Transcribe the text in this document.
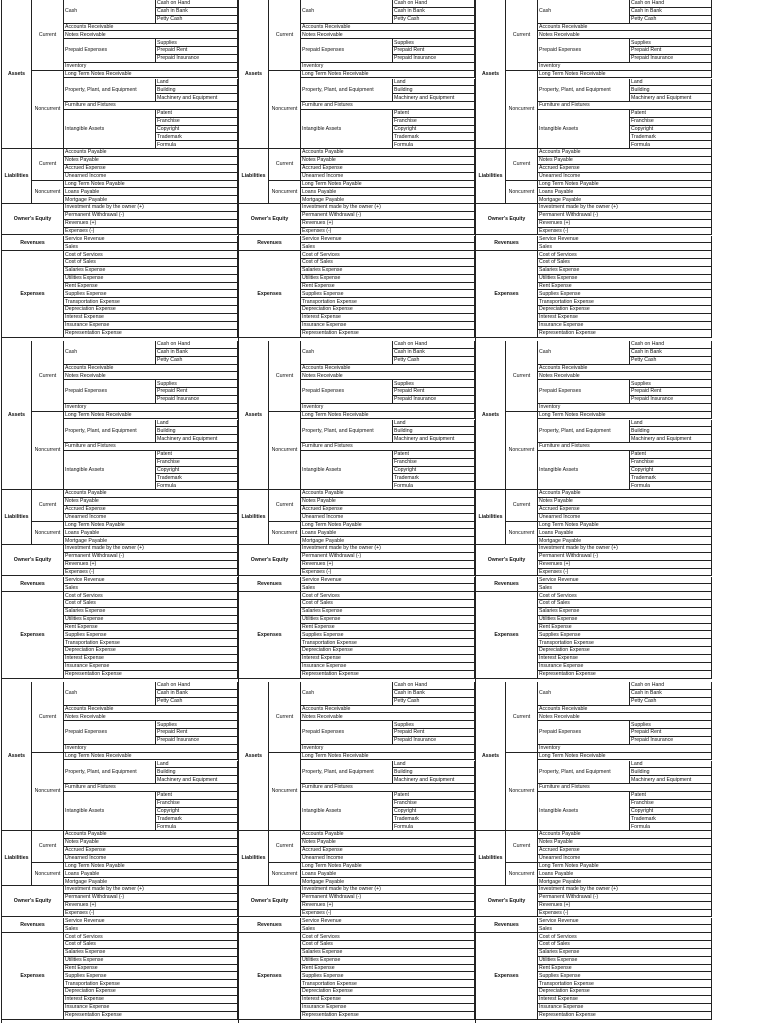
Cash
Cash on Hand
Cash in Bank
Petty Cash
Accounts Receivable
Notes Receivable
Prepaid Expenses
Supplies
Prepaid Rent
Prepaid Insurance
Inventory
Current
Long Term Notes Receivable
Property, Plant, and Equipment
Land
Building
Machinery and Equipment
Furniture and Fixtures
Intangible Assets
Patent
Franchise
Copyright
Trademark
Formula
Noncurrent
Assets
Accounts Payable
Notes Payable
Accrued Expense
Unearned Income
Current
Long Term Notes Payable
Loans Payable
Mortgage Payable
Noncurrent
Liabilities
Investment made by the owner (+)
Permanent Withdrawal (-)
Revenues (+)
Expenses (-)
Owner's Equity
Service Revenue
Sales
Revenues
Cost of Services
Cost of Sales
Salaries Expense
Utilities Expense
Rent Expense
Supplies Expense
Transportation Expense
Depreciation Expense
Interest Expense
Insurance Expense
Representation Expense
Expenses
Cash
Cash on Hand
Cash in Bank
Petty Cash
Accounts Receivable
Notes Receivable
Prepaid Expenses
Supplies
Prepaid Rent
Prepaid Insurance
Inventory
Current
Long Term Notes Receivable
Property, Plant, and Equipment
Land
Building
Machinery and Equipment
Furniture and Fixtures
Intangible Assets
Patent
Franchise
Copyright
Trademark
Formula
Noncurrent
Assets
Accounts Payable
Notes Payable
Accrued Expense
Unearned Income
Current
Long Term Notes Payable
Loans Payable
Mortgage Payable
Noncurrent
Liabilities
Investment made by the owner (+)
Permanent Withdrawal (-)
Revenues (+)
Expenses (-)
Owner's Equity
Service Revenue
Sales
Revenues
Cost of Services
Cost of Sales
Salaries Expense
Utilities Expense
Rent Expense
Supplies Expense
Transportation Expense
Depreciation Expense
Interest Expense
Insurance Expense
Representation Expense
Expenses
Cash
Cash on Hand
Cash in Bank
Petty Cash
Accounts Receivable
Notes Receivable
Prepaid Expenses
Supplies
Prepaid Rent
Prepaid Insurance
Inventory
Current
Long Term Notes Receivable
Property, Plant, and Equipment
Land
Building
Machinery and Equipment
Furniture and Fixtures
Intangible Assets
Patent
Franchise
Copyright
Trademark
Formula
Noncurrent
Assets
Accounts Payable
Notes Payable
Accrued Expense
Unearned Income
Current
Long Term Notes Payable
Loans Payable
Mortgage Payable
Noncurrent
Liabilities
Investment made by the owner (+)
Permanent Withdrawal (-)
Revenues (+)
Expenses (-)
Owner's Equity
Service Revenue
Sales
Revenues
Cost of Services
Cost of Sales
Salaries Expense
Utilities Expense
Rent Expense
Supplies Expense
Transportation Expense
Depreciation Expense
Interest Expense
Insurance Expense
Representation Expense
Expenses
Cash
Cash on Hand
Cash in Bank
Petty Cash
Accounts Receivable
Notes Receivable
Prepaid Expenses
Supplies
Prepaid Rent
Prepaid Insurance
Inventory
Current
Long Term Notes Receivable
Property, Plant, and Equipment
Land
Building
Machinery and Equipment
Furniture and Fixtures
Intangible Assets
Patent
Franchise
Copyright
Trademark
Formula
Noncurrent
Assets
Accounts Payable
Notes Payable
Accrued Expense
Unearned Income
Current
Long Term Notes Payable
Loans Payable
Mortgage Payable
Noncurrent
Liabilities
Investment made by the owner (+)
Permanent Withdrawal (-)
Revenues (+)
Expenses (-)
Owner's Equity
Service Revenue
Sales
Revenues
Cost of Services
Cost of Sales
Salaries Expense
Utilities Expense
Rent Expense
Supplies Expense
Transportation Expense
Depreciation Expense
Interest Expense
Insurance Expense
Representation Expense
Expenses
Cash
Cash on Hand
Cash in Bank
Petty Cash
Accounts Receivable
Notes Receivable
Prepaid Expenses
Supplies
Prepaid Rent
Prepaid Insurance
Inventory
Current
Long Term Notes Receivable
Property, Plant, and Equipment
Land
Building
Machinery and Equipment
Furniture and Fixtures
Intangible Assets
Patent
Franchise
Copyright
Trademark
Formula
Noncurrent
Assets
Accounts Payable
Notes Payable
Accrued Expense
Unearned Income
Current
Long Term Notes Payable
Loans Payable
Mortgage Payable
Noncurrent
Liabilities
Investment made by the owner (+)
Permanent Withdrawal (-)
Revenues (+)
Expenses (-)
Owner's Equity
Service Revenue
Sales
Revenues
Cost of Services
Cost of Sales
Salaries Expense
Utilities Expense
Rent Expense
Supplies Expense
Transportation Expense
Depreciation Expense
Interest Expense
Insurance Expense
Representation Expense
Expenses
Cash
Cash on Hand
Cash in Bank
Petty Cash
Accounts Receivable
Notes Receivable
Prepaid Expenses
Supplies
Prepaid Rent
Prepaid Insurance
Inventory
Current
Long Term Notes Receivable
Property, Plant, and Equipment
Land
Building
Machinery and Equipment
Furniture and Fixtures
Intangible Assets
Patent
Franchise
Copyright
Trademark
Formula
Noncurrent
Assets
Accounts Payable
Notes Payable
Accrued Expense
Unearned Income
Current
Long Term Notes Payable
Loans Payable
Mortgage Payable
Noncurrent
Liabilities
Investment made by the owner (+)
Permanent Withdrawal (-)
Revenues (+)
Expenses (-)
Owner's Equity
Service Revenue
Sales
Revenues
Cost of Services
Cost of Sales
Salaries Expense
Utilities Expense
Rent Expense
Supplies Expense
Transportation Expense
Depreciation Expense
Interest Expense
Insurance Expense
Representation Expense
Expenses
Cash
Cash on Hand
Cash in Bank
Petty Cash
Accounts Receivable
Notes Receivable
Prepaid Expenses
Supplies
Prepaid Rent
Prepaid Insurance
Inventory
Current
Long Term Notes Receivable
Property, Plant, and Equipment
Land
Building
Machinery and Equipment
Furniture and Fixtures
Intangible Assets
Patent
Franchise
Copyright
Trademark
Formula
Noncurrent
Assets
Accounts Payable
Notes Payable
Accrued Expense
Unearned Income
Current
Long Term Notes Payable
Loans Payable
Mortgage Payable
Noncurrent
Liabilities
Investment made by the owner (+)
Permanent Withdrawal (-)
Revenues (+)
Expenses (-)
Owner's Equity
Service Revenue
Sales
Revenues
Cost of Services
Cost of Sales
Salaries Expense
Utilities Expense
Rent Expense
Supplies Expense
Transportation Expense
Depreciation Expense
Interest Expense
Insurance Expense
Representation Expense
Expenses
Cash
Cash on Hand
Cash in Bank
Petty Cash
Accounts Receivable
Notes Receivable
Prepaid Expenses
Supplies
Prepaid Rent
Prepaid Insurance
Inventory
Current
Long Term Notes Receivable
Property, Plant, and Equipment
Land
Building
Machinery and Equipment
Furniture and Fixtures
Intangible Assets
Patent
Franchise
Copyright
Trademark
Formula
Noncurrent
Assets
Accounts Payable
Notes Payable
Accrued Expense
Unearned Income
Current
Long Term Notes Payable
Loans Payable
Mortgage Payable
Noncurrent
Liabilities
Investment made by the owner (+)
Permanent Withdrawal (-)
Revenues (+)
Expenses (-)
Owner's Equity
Service Revenue
Sales
Revenues
Cost of Services
Cost of Sales
Salaries Expense
Utilities Expense
Rent Expense
Supplies Expense
Transportation Expense
Depreciation Expense
Interest Expense
Insurance Expense
Representation Expense
Expenses
Cash
Cash on Hand
Cash in Bank
Petty Cash
Accounts Receivable
Notes Receivable
Prepaid Expenses
Supplies
Prepaid Rent
Prepaid Insurance
Inventory
Current
Long Term Notes Receivable
Property, Plant, and Equipment
Land
Building
Machinery and Equipment
Furniture and Fixtures
Intangible Assets
Patent
Franchise
Copyright
Trademark
Formula
Noncurrent
Assets
Accounts Payable
Notes Payable
Accrued Expense
Unearned Income
Current
Long Term Notes Payable
Loans Payable
Mortgage Payable
Noncurrent
Liabilities
Investment made by the owner (+)
Permanent Withdrawal (-)
Revenues (+)
Expenses (-)
Owner's Equity
Service Revenue
Sales
Revenues
Cost of Services
Cost of Sales
Salaries Expense
Utilities Expense
Rent Expense
Supplies Expense
Transportation Expense
Depreciation Expense
Interest Expense
Insurance Expense
Representation Expense
Expenses
